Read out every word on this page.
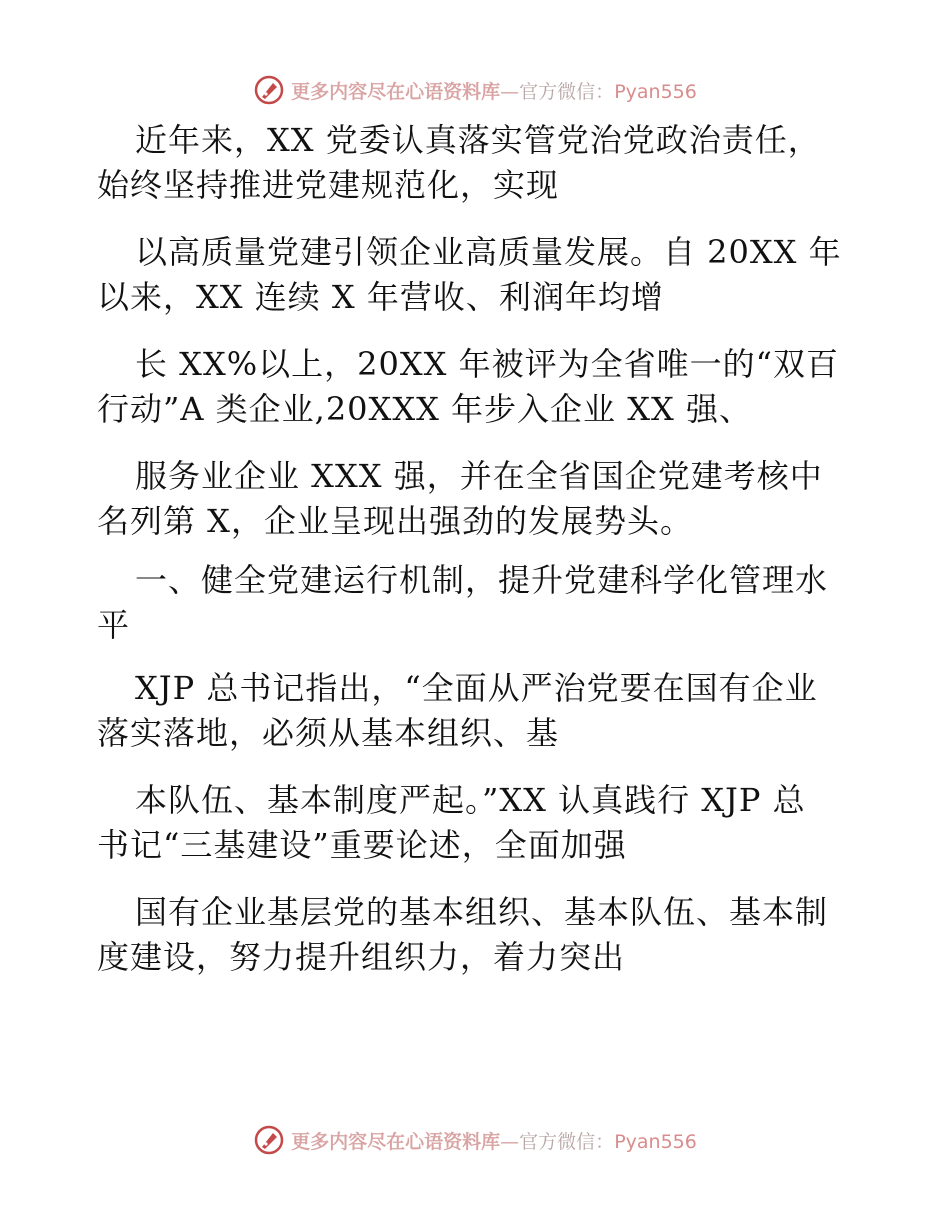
更多内容尽在心语资料库—官方微信：Pyan556
近年来，XX 党委认真落实管党治党政治责任，
始终坚持推进党建规范化，实现
以高质量党建引领企业高质量发展。自 20XX 年
以来，XX 连续 X 年营收、利润年均增
长 XX%以上，20XX 年被评为全省唯一的“双百
行动”A 类企业,20XXX 年步入企业 XX 强、
服务业企业 XXX 强，并在全省国企党建考核中
名列第 X，企业呈现出强劲的发展势头。
一、健全党建运行机制，提升党建科学化管理水
平
XJP 总书记指出，“全面从严治党要在国有企业
落实落地，必须从基本组织、基
本队伍、基本制度严起。”XX 认真践行 XJP 总
书记“三基建设”重要论述，全面加强
国有企业基层党的基本组织、基本队伍、基本制
度建设，努力提升组织力，着力突出
更多内容尽在心语资料库—官方微信：Pyan556
